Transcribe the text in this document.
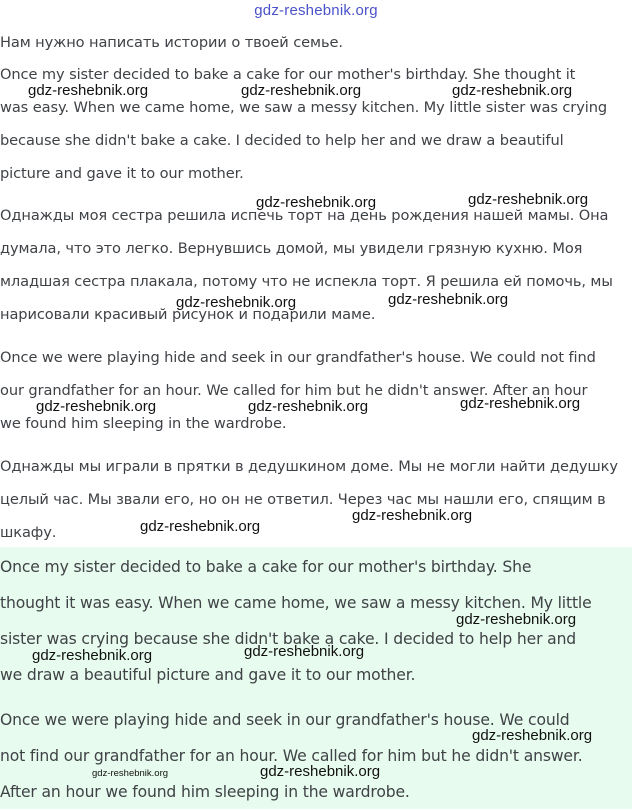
gdz-reshebnik.org
Нам нужно написать истории о твоей семье.
Once my sister decided to bake a cake for our mother's birthday. She thought it
was easy. When we came home, we saw a messy kitchen. My little sister was crying
because she didn't bake a cake. I decided to help her and we draw a beautiful
picture and gave it to our mother.
Однажды моя сестра решила испечь торт на день рождения нашей мамы. Она
думала, что это легко. Вернувшись домой, мы увидели грязную кухню. Моя
младшая сестра плакала, потому что не испекла торт. Я решила ей помочь, мы
нарисовали красивый рисунок и подарили маме.
Once we were playing hide and seek in our grandfather's house. We could not find
our grandfather for an hour. We called for him but he didn't answer. After an hour
we found him sleeping in the wardrobe.
Однажды мы играли в прятки в дедушкином доме. Мы не могли найти дедушку
целый час. Мы звали его, но он не ответил. Через час мы нашли его, спящим в
шкафу.
Once my sister decided to bake a cake for our mother's birthday. She
thought it was easy. When we came home, we saw a messy kitchen. My little
sister was crying because she didn't bake a cake. I decided to help her and
we draw a beautiful picture and gave it to our mother.
Once we were playing hide and seek in our grandfather's house. We could
not find our grandfather for an hour. We called for him but he didn't answer.
After an hour we found him sleeping in the wardrobe.
gdz-reshebnik.org	gdz-reshebnik.org	gdz-reshebnik.org
gdz-reshebnik.org	gdz-reshebnik.org
gdz-reshebnik.org	gdz-reshebnik.org
gdz-reshebnik.org	gdz-reshebnik.org	gdz-reshebnik.org
gdz-reshebnik.org
gdz-reshebnik.org
gdz-reshebnik.org
gdz-reshebnik.org	gdz-reshebnik.org
gdz-reshebnik.org
gdz-reshebnik.org	gdz-reshebnik.org
